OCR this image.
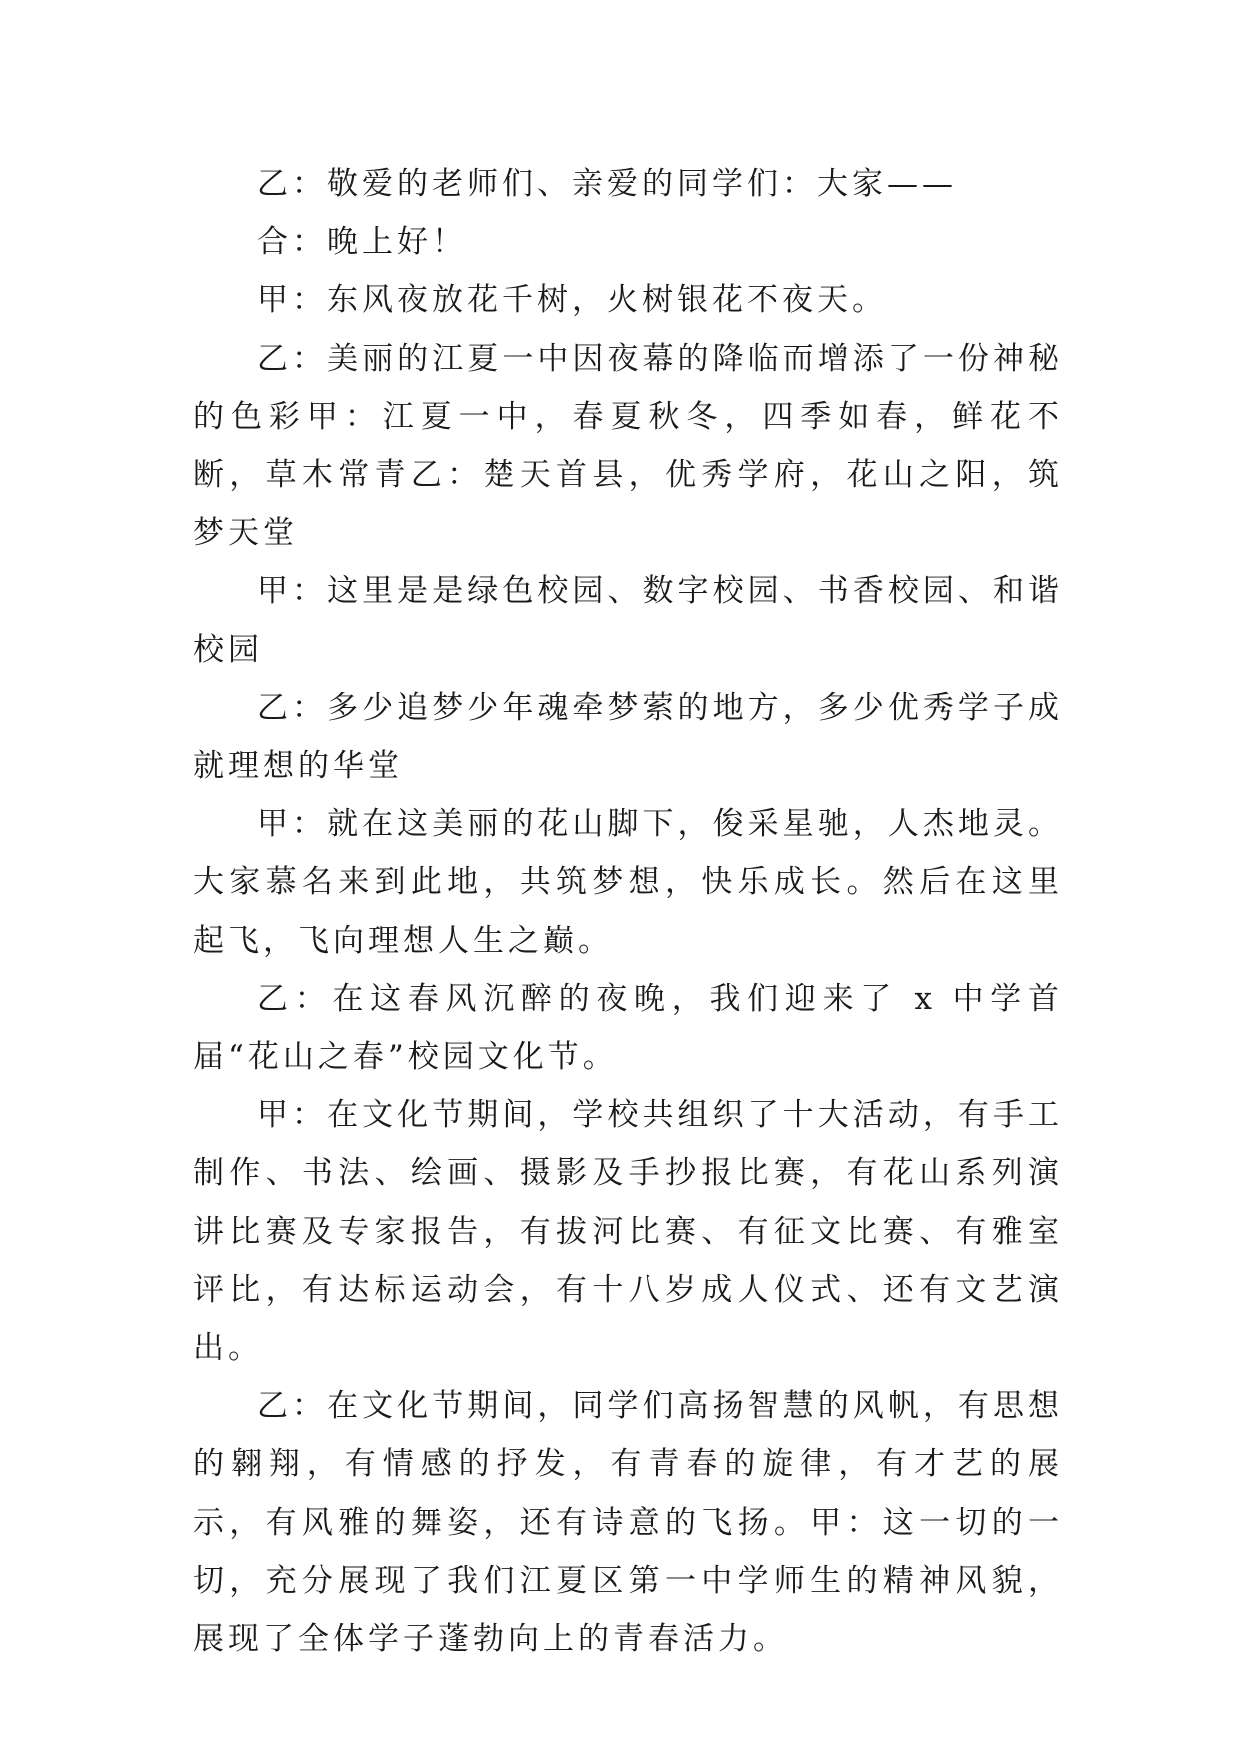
乙：敬爱的老师们、亲爱的同学们：大家——

合：晚上好！

甲：东风夜放花千树，火树银花不夜天。

乙：美丽的江夏一中因夜幕的降临而增添了一份神秘的色彩甲：江夏一中，春夏秋冬，四季如春，鲜花不断，草木常青乙：楚天首县，优秀学府，花山之阳，筑梦天堂

甲：这里是是绿色校园、数字校园、书香校园、和谐校园

乙：多少追梦少年魂牵梦萦的地方，多少优秀学子成就理想的华堂

甲：就在这美丽的花山脚下，俊采星驰，人杰地灵。大家慕名来到此地，共筑梦想，快乐成长。然后在这里起飞，飞向理想人生之巅。

乙：在这春风沉醉的夜晚，我们迎来了 x 中学首届“花山之春”校园文化节。

甲：在文化节期间，学校共组织了十大活动，有手工制作、书法、绘画、摄影及手抄报比赛，有花山系列演讲比赛及专家报告，有拔河比赛、有征文比赛、有雅室评比，有达标运动会，有十八岁成人仪式、还有文艺演出。

乙：在文化节期间，同学们高扬智慧的风帆，有思想的翱翔，有情感的抒发，有青春的旋律，有才艺的展示，有风雅的舞姿，还有诗意的飞扬。甲：这一切的一切，充分展现了我们江夏区第一中学师生的精神风貌，展现了全体学子蓬勃向上的青春活力。
